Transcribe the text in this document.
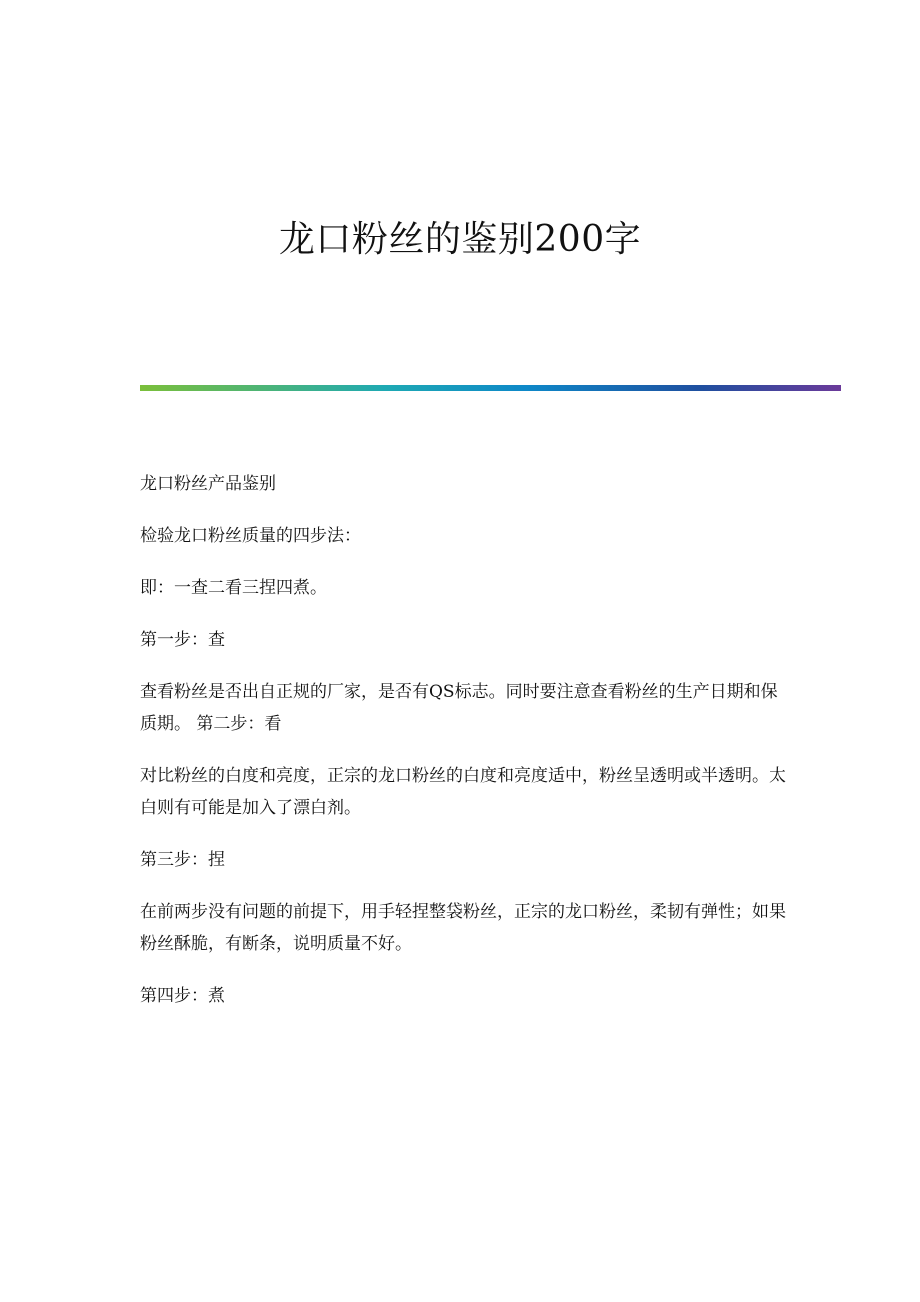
龙口粉丝的鉴别200字

龙口粉丝产品鉴别

检验龙口粉丝质量的四步法：

即：一查二看三捏四煮。

第一步：查

查看粉丝是否出自正规的厂家，是否有QS标志。同时要注意查看粉丝的生产日期和保质期。 第二步：看

对比粉丝的白度和亮度，正宗的龙口粉丝的白度和亮度适中，粉丝呈透明或半透明。太白则有可能是加入了漂白剂。

第三步：捏

在前两步没有问题的前提下，用手轻捏整袋粉丝，正宗的龙口粉丝，柔韧有弹性；如果粉丝酥脆，有断条，说明质量不好。

第四步：煮
